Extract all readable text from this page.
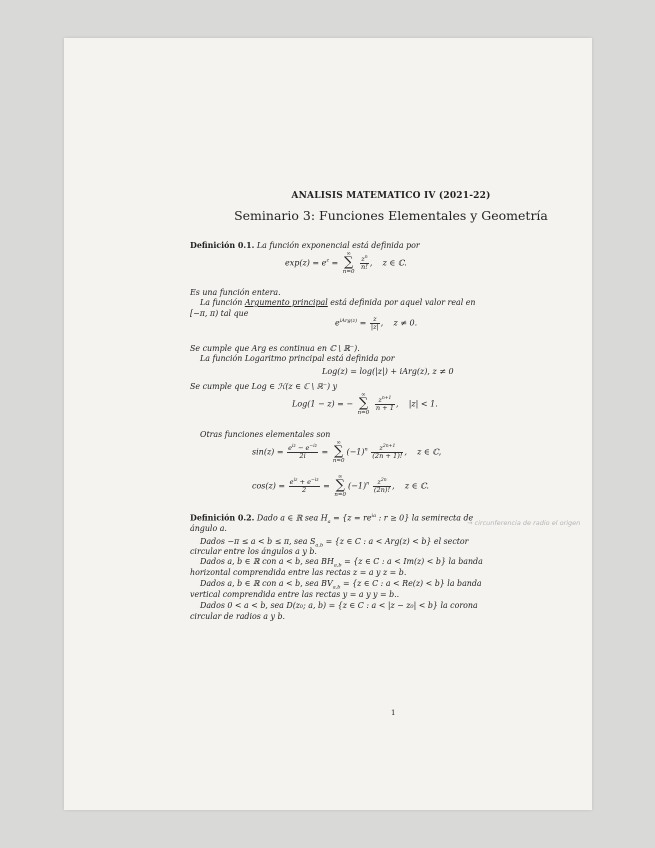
ANALISIS MATEMATICO IV (2021-22)
Seminario 3: Funciones Elementales y Geometría
Definición 0.1. La función exponencial está definida por
$\exp(z) = e^z$ =
∞
∑
n=0

$\frac{z^n}{n!}$ ,    z ∈ ℂ.
Es una función entera.
La función Argumento principal está definida por aquel valor real en
[−π, π) tal que
$e^{iArg(z)} = \frac{z}{|z|}$ ,    z ≠ 0.
Se cumple que Arg es continua en ℂ \ ℝ⁻).
La función Logaritmo principal está definida por
Log(z) = log(|z|) + iArg(z), z ≠ 0
Se cumple que Log ∈ ℋ(z ∈ ℂ \ ℝ⁻) y
Log(1 − z) = −
∞
∑
n=0

$\frac{z^{n+1}}{n + 1}$ ,    |z| < 1.
Otras funciones elementales son
$\sin(z) = \frac{e^{iz} - e^{-iz}}{2i}$ =
∞
∑
n=0
$(-1)^n \frac{z^{2n+1}}{(2n + 1)!}$ ,    z ∈ ℂ,
$\cos(z) = \frac{e^{iz} + e^{-iz}}{2}$ =
∞
∑
n=0
$(-1)^n \frac{z^{2n}}{(2n)!}$ ,    z ∈ ℂ.
Definición 0.2. Dado a ∈ ℝ sea $H_a = \{z = re^{ia}$ : r ≥ 0} la semirecta de
ángulo a.
Dados −π ≤ a < b ≤ π, sea $S_{a,b} = \{z$ ∈ C : a < Arg(z) < b} el sector
circular entre los ángulos a y b.
Dados a, b ∈ ℝ con a < b, sea $BH_{a,b} = \{z$ ∈ C : a < Im(z) < b} la banda
horizontal comprendida entre las rectas z = a y z = b.
Dados a, b ∈ ℝ con a < b, sea $BV_{a,b} = \{z$ ∈ C : a < Re(z) < b} la banda
vertical comprendida entre las rectas y = a y y = b..
Dados 0 < a < b, sea D(z₀; a, b) = {z ∈ C : a < |z − z₀| < b} la corona
circular de radios a y b.
1
→ circunferencia de radio el origen
